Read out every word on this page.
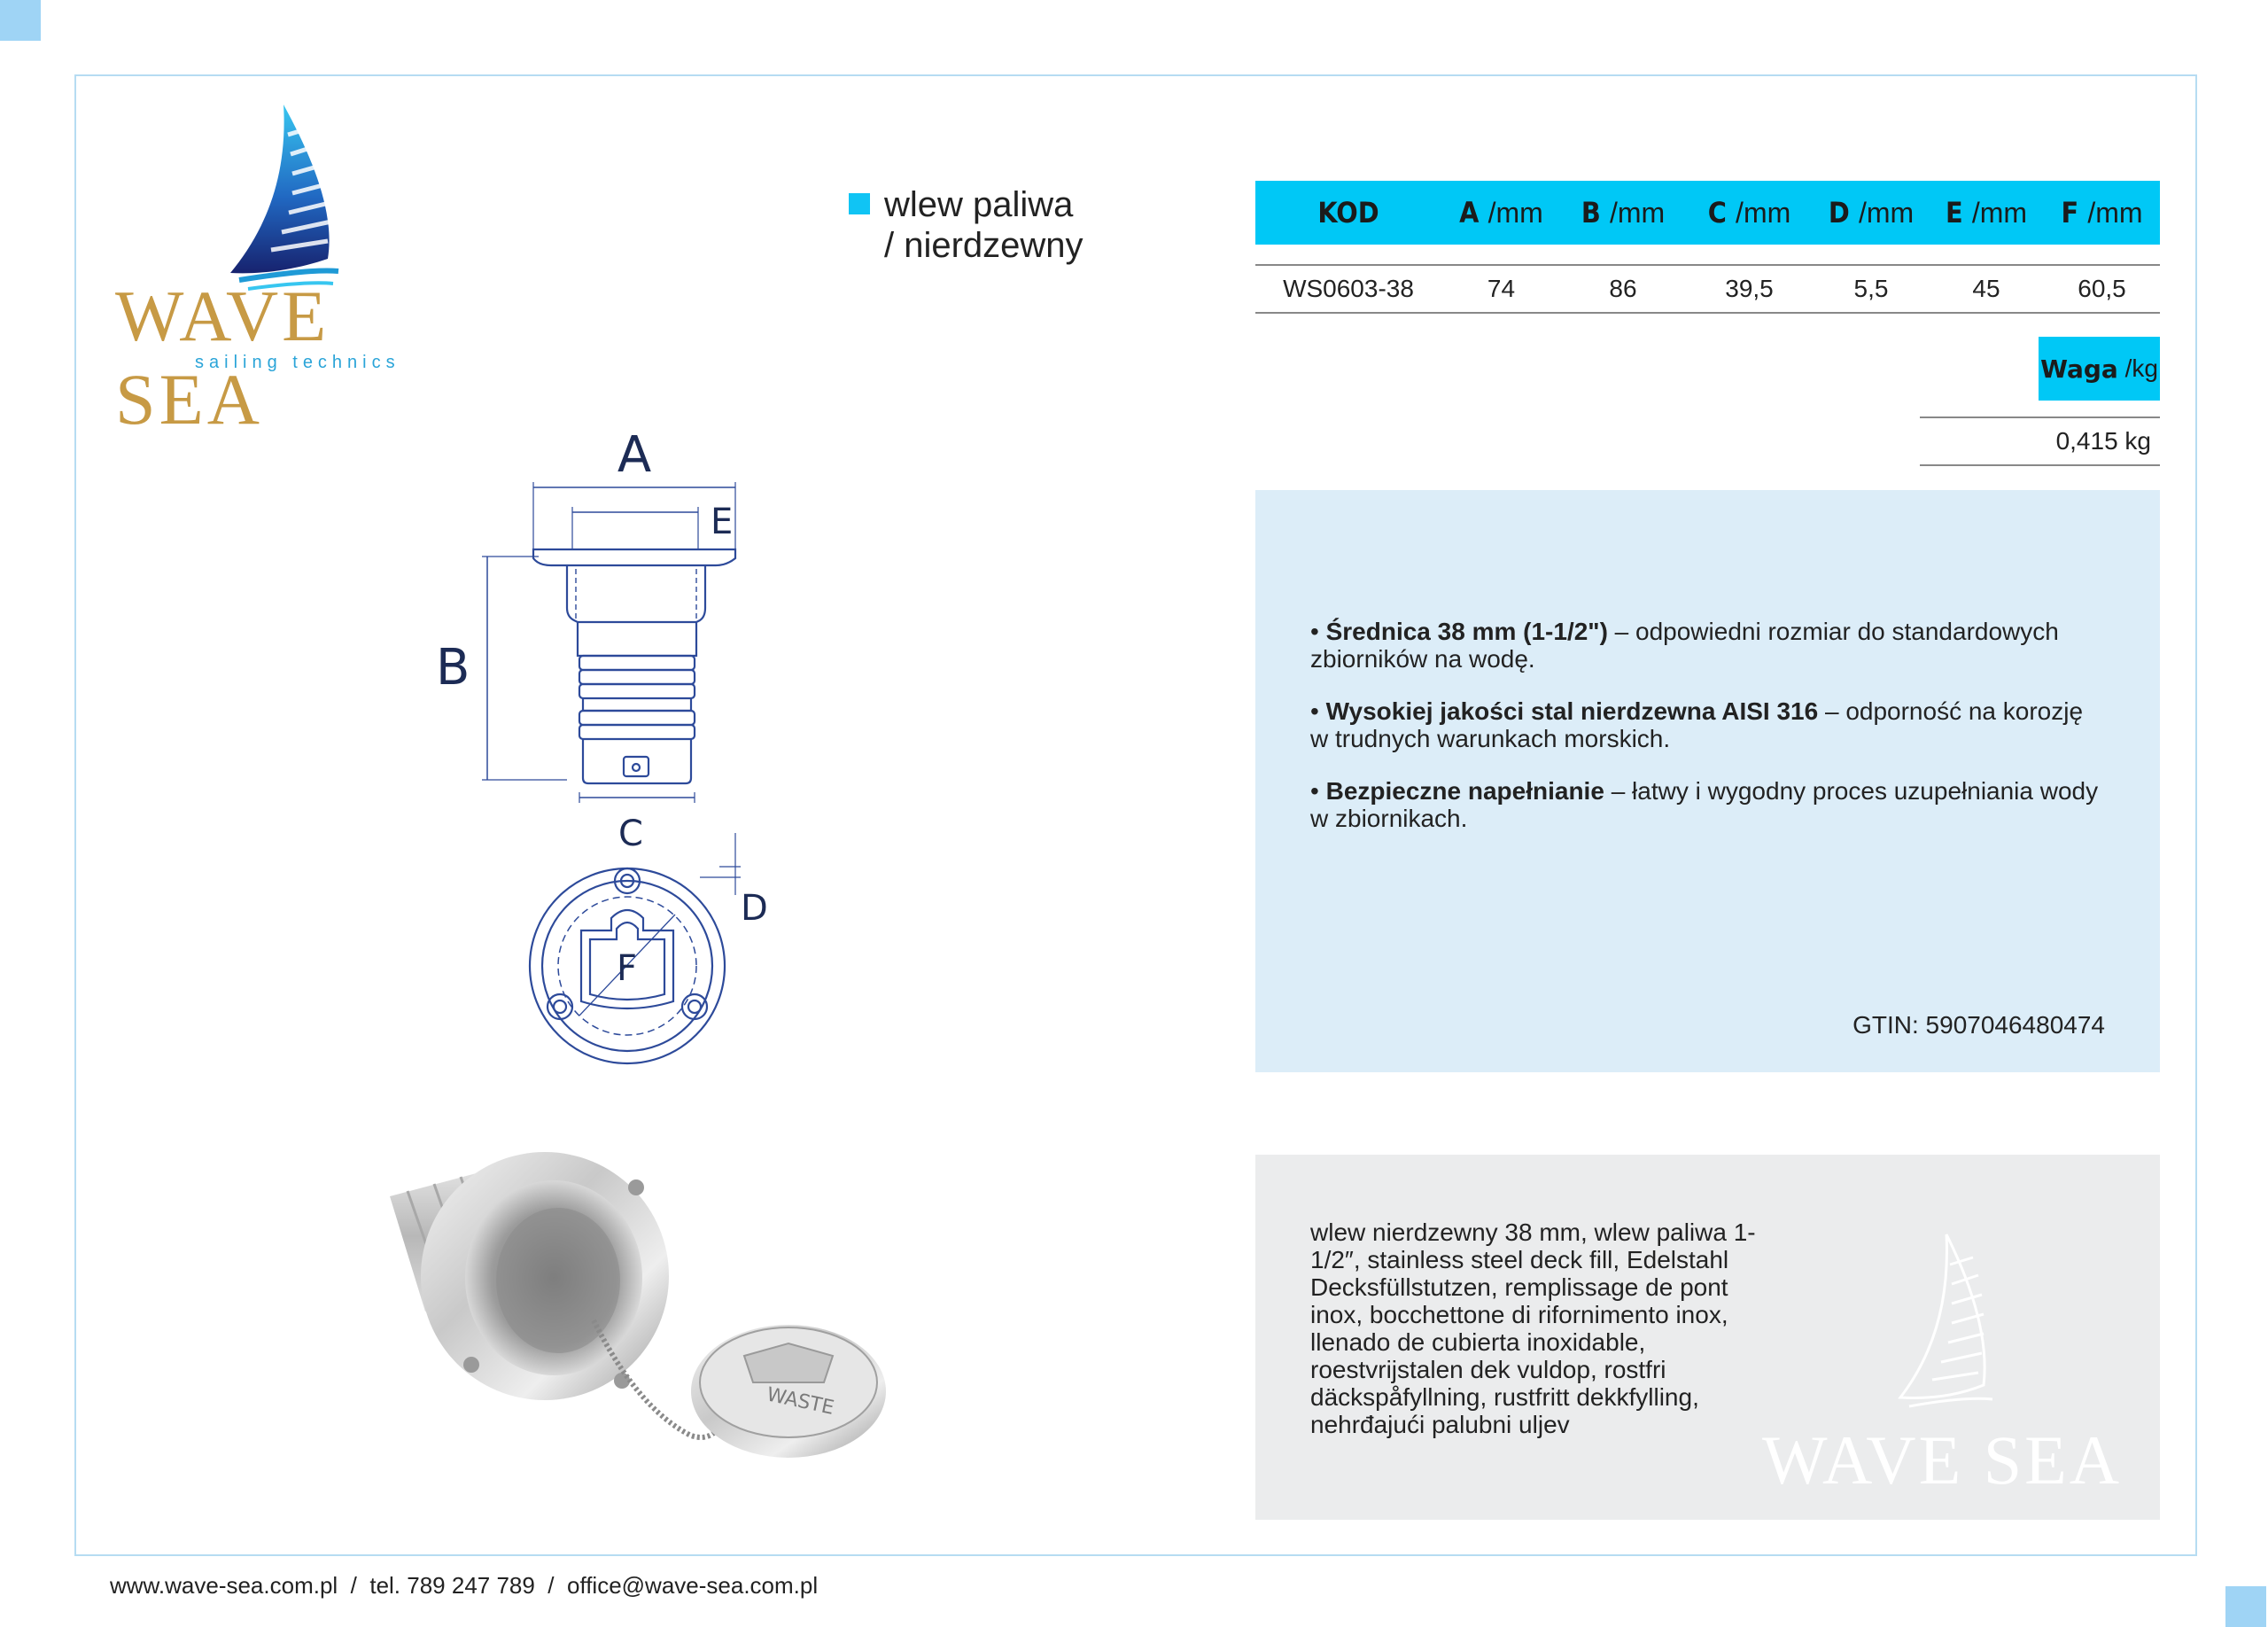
WAVE SEA
sailing technics
wlew paliwa
/ nierdzewny
KOD	A /mm	B /mm	C /mm	D /mm	E /mm	F /mm
WS0603-38	74	86	39,5	5,5	45	60,5
Waga
/kg
0,415 kg
A
E
B
C
D
F
WASTE
• Średnica 38 mm (1-1/2") – odpowiedni rozmiar do standardowych zbiorników na wodę.
• Wysokiej jakości stal nierdzewna AISI 316 – odporność na korozję w trudnych warunkach morskich.
• Bezpieczne napełnianie – łatwy i wygodny proces uzupełniania wody w zbiornikach.
GTIN: 5907046480474
wlew nierdzewny 38 mm, wlew paliwa 1-1/2″, stainless steel deck fill, Edelstahl Decksfüllstutzen, remplissage de pont inox, bocchettone di rifornimento inox, llenado de cubierta inoxidable, roestvrijstalen dek vuldop, rostfri däckspåfyllning, rustfritt dekkfylling, nehrđajući palubni uljev	WAVE SEA
www.wave-sea.com.pl / tel. 789 247 789 / office@wave-sea.com.pl
